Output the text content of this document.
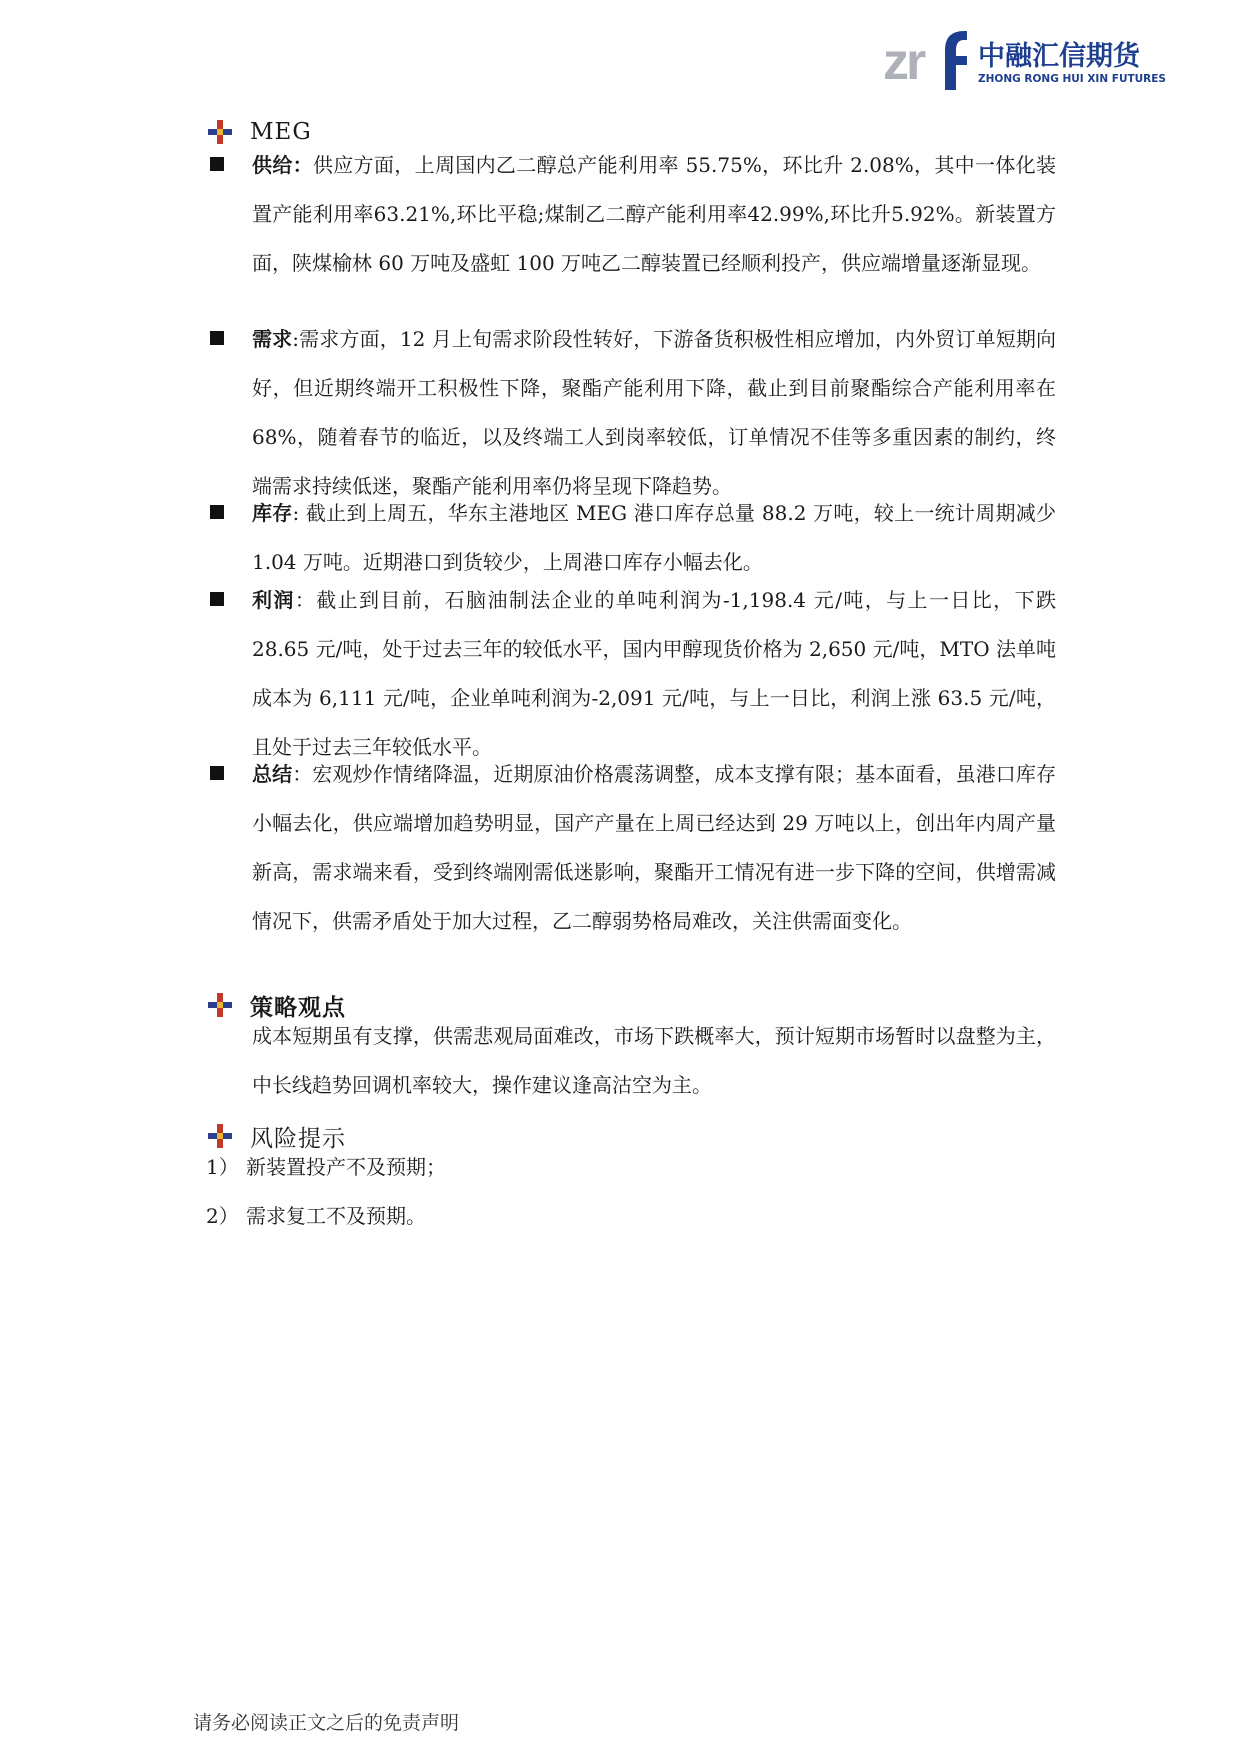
zr 中融汇信期货
ZHONG RONG HUI XIN FUTURES
MEG

供给：供应方面，上周国内乙二醇总产能利用率 55.75%，环比升 2.08%，其中一体化装置产能利用率63.21%,环比平稳;煤制乙二醇产能利用率42.99%,环比升5.92%。新装置方面，陕煤榆林 60 万吨及盛虹 100 万吨乙二醇装置已经顺利投产，供应端增量逐渐显现。

需求:需求方面，12 月上旬需求阶段性转好，下游备货积极性相应增加，内外贸订单短期向好，但近期终端开工积极性下降，聚酯产能利用下降，截止到目前聚酯综合产能利用率在 68%，随着春节的临近，以及终端工人到岗率较低，订单情况不佳等多重因素的制约，终端需求持续低迷，聚酯产能利用率仍将呈现下降趋势。

库存: 截止到上周五，华东主港地区 MEG 港口库存总量 88.2 万吨，较上一统计周期减少 1.04 万吨。近期港口到货较少，上周港口库存小幅去化。

利润：截止到目前，石脑油制法企业的单吨利润为-1,198.4 元/吨，与上一日比，下跌 28.65 元/吨，处于过去三年的较低水平，国内甲醇现货价格为 2,650 元/吨，MTO 法单吨成本为 6,111 元/吨，企业单吨利润为-2,091 元/吨，与上一日比，利润上涨 63.5 元/吨，且处于过去三年较低水平。

总结：宏观炒作情绪降温，近期原油价格震荡调整，成本支撑有限；基本面看，虽港口库存小幅去化，供应端增加趋势明显，国产产量在上周已经达到 29 万吨以上，创出年内周产量新高，需求端来看，受到终端刚需低迷影响，聚酯开工情况有进一步下降的空间，供增需减情况下，供需矛盾处于加大过程，乙二醇弱势格局难改，关注供需面变化。

策略观点

成本短期虽有支撑，供需悲观局面难改，市场下跌概率大，预计短期市场暂时以盘整为主，中长线趋势回调机率较大，操作建议逢高沽空为主。

风险提示
1） 新装置投产不及预期；
2） 需求复工不及预期。
请务必阅读正文之后的免责声明
